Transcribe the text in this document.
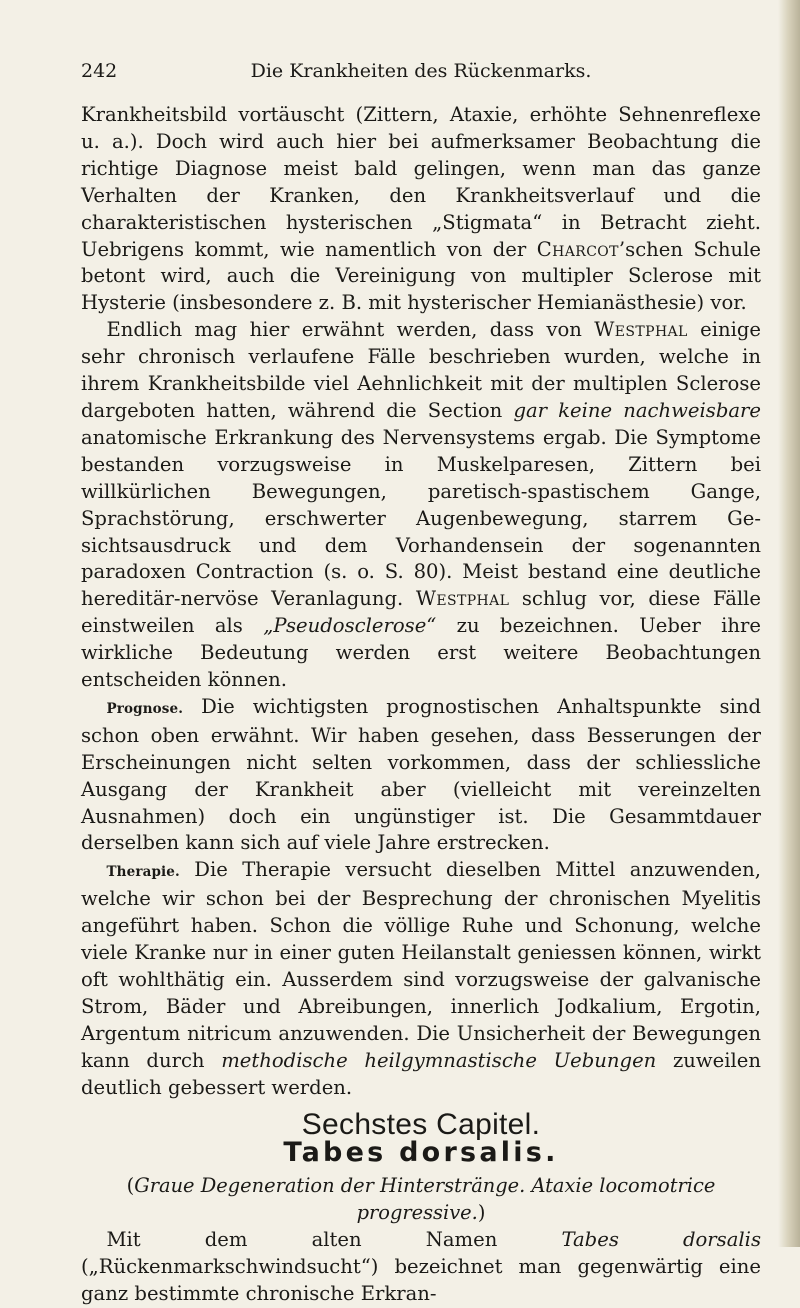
242	Die Krankheiten des Rückenmarks.

Krankheitsbild vortäuscht (Zittern, Ataxie, erhöhte Sehnenreflexe u. a.). Doch wird auch hier bei aufmerksamer Beobachtung die richtige Diagnose meist bald gelingen, wenn man das ganze Verhalten der Kranken, den Krankheitsverlauf und die charakteristischen hysterischen „Stigmata“ in Betracht zieht. Uebrigens kommt, wie namentlich von der Charcot’schen Schule betont wird, auch die Vereinigung von multipler Sclerose mit Hysterie (insbesondere z. B. mit hysterischer Hemianästhesie) vor.

Endlich mag hier erwähnt werden, dass von Westphal einige sehr chronisch verlaufene Fälle beschrieben wurden, welche in ihrem Krankheitsbilde viel Aehnlichkeit mit der multiplen Sclerose dargeboten hatten, während die Section gar keine nachweisbare anatomische Erkrankung des Nervensystems ergab. Die Symptome bestanden vorzugsweise in Muskelparesen, Zittern bei willkürlichen Bewegungen, paretisch-spastischem Gange, Sprachstörung, erschwerter Augenbewegung, starrem Gesichtsausdruck und dem Vorhandensein der sogenannten paradoxen Contraction (s. o. S. 80). Meist bestand eine deutliche hereditär-nervöse Veranlagung. Westphal schlug vor, diese Fälle einstweilen als „Pseudosclerose“ zu bezeichnen. Ueber ihre wirkliche Bedeutung werden erst weitere Beobachtungen entscheiden können.

Prognose. Die wichtigsten prognostischen Anhaltspunkte sind schon oben erwähnt. Wir haben gesehen, dass Besserungen der Erscheinungen nicht selten vorkommen, dass der schliessliche Ausgang der Krankheit aber (vielleicht mit vereinzelten Ausnahmen) doch ein ungünstiger ist. Die Gesammtdauer derselben kann sich auf viele Jahre erstrecken.

Therapie. Die Therapie versucht dieselben Mittel anzuwenden, welche wir schon bei der Besprechung der chronischen Myelitis angeführt haben. Schon die völlige Ruhe und Schonung, welche viele Kranke nur in einer guten Heilanstalt geniessen können, wirkt oft wohlthätig ein. Ausserdem sind vorzugsweise der galvanische Strom, Bäder und Abreibungen, innerlich Jodkalium, Ergotin, Argentum nitricum anzuwenden. Die Unsicherheit der Bewegungen kann durch methodische heilgymnastische Uebungen zuweilen deutlich gebessert werden.

Sechstes Capitel.
Tabes dorsalis.

(Graue Degeneration der Hinterstränge. Ataxie locomotrice progressive.)

Mit dem alten Namen	Tabes dorsalis („Rückenmarkschwindsucht“) bezeichnet man gegenwärtig eine ganz bestimmte chronische Erkran-
